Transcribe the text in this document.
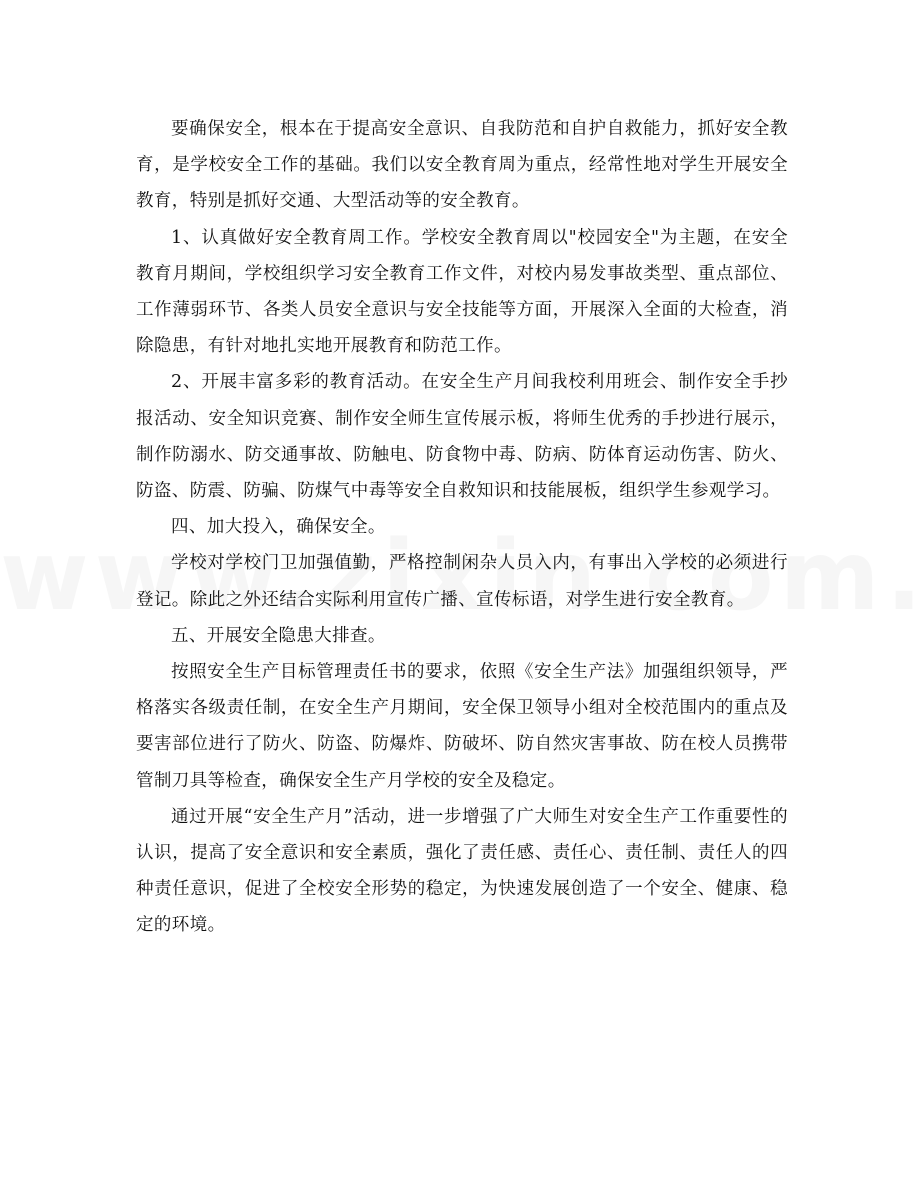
要确保安全，根本在于提高安全意识、自我防范和自护自救能力，抓好安全教育，是学校安全工作的基础。我们以安全教育周为重点，经常性地对学生开展安全教育，特别是抓好交通、大型活动等的安全教育。

1、认真做好安全教育周工作。学校安全教育周以"校园安全"为主题，在安全教育月期间，学校组织学习安全教育工作文件，对校内易发事故类型、重点部位、工作薄弱环节、各类人员安全意识与安全技能等方面，开展深入全面的大检查，消除隐患，有针对地扎实地开展教育和防范工作。

2、开展丰富多彩的教育活动。在安全生产月间我校利用班会、制作安全手抄报活动、安全知识竞赛、制作安全师生宣传展示板，将师生优秀的手抄进行展示，制作防溺水、防交通事故、防触电、防食物中毒、防病、防体育运动伤害、防火、防盗、防震、防骗、防煤气中毒等安全自救知识和技能展板，组织学生参观学习。

四、加大投入，确保安全。

学校对学校门卫加强值勤，严格控制闲杂人员入内，有事出入学校的必须进行登记。除此之外还结合实际利用宣传广播、宣传标语，对学生进行安全教育。

五、开展安全隐患大排查。

按照安全生产目标管理责任书的要求，依照《安全生产法》加强组织领导，严格落实各级责任制，在安全生产月期间，安全保卫领导小组对全校范围内的重点及要害部位进行了防火、防盗、防爆炸、防破坏、防自然灾害事故、防在校人员携带管制刀具等检查，确保安全生产月学校的安全及稳定。

通过开展“安全生产月”活动，进一步增强了广大师生对安全生产工作重要性的认识，提高了安全意识和安全素质，强化了责任感、责任心、责任制、责任人的四种责任意识，促进了全校安全形势的稳定，为快速发展创造了一个安全、健康、稳定的环境。
